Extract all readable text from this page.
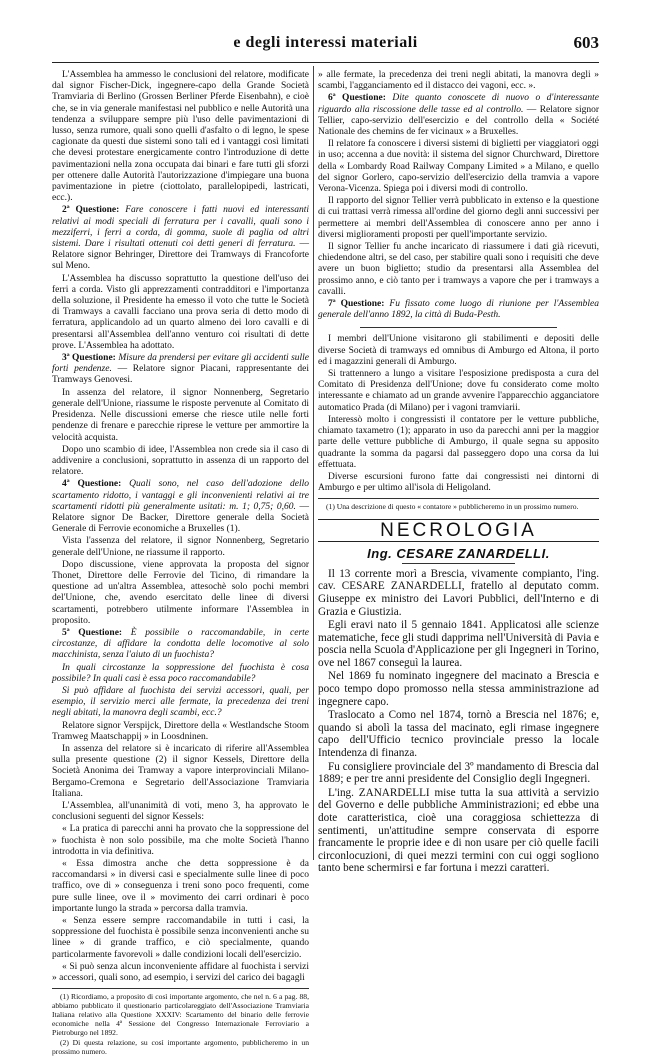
e degli interessi materiali	603

L'Assemblea ha ammesso le conclusioni del relatore, modificate dal signor Fischer-Dick, ingegnere-capo della Grande Società Tramviaria di Berlino (Grossen Berliner Pferde Eisenbahn), e cioè che, se in via generale manifestasi nel pubblico e nelle Autorità una tendenza a sviluppare sempre più l'uso delle pavimentazioni di lusso, senza rumore, quali sono quelli d'asfalto o di legno, le spese cagionate da questi due sistemi sono tali ed i vantaggi così limitati che devesi protestare energicamente contro l'introduzione di dette pavimentazioni nella zona occupata dai binari e fare tutti gli sforzi per ottenere dalle Autorità l'autorizzazione d'impiegare una buona pavimentazione in pietre (ciottolato, parallelopipedi, lastricati, ecc.).

2ª Questione: Fare conoscere i fatti nuovi ed interessanti relativi ai modi speciali di ferratura per i cavalli, quali sono i mezziferri, i ferri a corda, di gomma, suole di paglia od altri sistemi. Dare i risultati ottenuti coi detti generi di ferratura. — Relatore signor Behringer, Direttore dei Tramways di Francoforte sul Meno.

L'Assemblea ha discusso soprattutto la questione dell'uso dei ferri a corda. Visto gli apprezzamenti contradditori e l'importanza della soluzione, il Presidente ha emesso il voto che tutte le Società di Tramways a cavalli facciano una prova seria di detto modo di ferratura, applicandolo ad un quarto almeno dei loro cavalli e di presentarsi all'Assemblea dell'anno venturo coi risultati di dette prove. L'Assemblea ha adottato.

3ª Questione: Misure da prendersi per evitare gli accidenti sulle forti pendenze. — Relatore signor Piacani, rappresentante dei Tramways Genovesi.

In assenza del relatore, il signor Nonnenberg, Segretario generale dell'Unione, riassume le risposte pervenute al Comitato di Presidenza. Nelle discussioni emerse che riesce utile nelle forti pendenze di frenare e parecchie riprese le vetture per ammortire la velocità acquista.

Dopo uno scambio di idee, l'Assemblea non crede sia il caso di addivenire a conclusioni, soprattutto in assenza di un rapporto del relatore.

4ª Questione: Quali sono, nel caso dell'adozione dello scartamento ridotto, i vantaggi e gli inconvenienti relativi ai tre scartamenti ridotti più generalmente usitati: m. 1; 0,75; 0,60. — Relatore signor De Backer, Direttore generale della Società Generale di Ferrovie economiche a Bruxelles (1).

Vista l'assenza del relatore, il signor Nonnenberg, Segretario generale dell'Unione, ne riassume il rapporto.

Dopo discussione, viene approvata la proposta del signor Thonet, Direttore delle Ferrovie del Ticino, di rimandare la questione ad un'altra Assemblea, attesochè solo pochi membri del'Unione, che, avendo esercitato delle linee di diversi scartamenti, potrebbero utilmente informare l'Assemblea in proposito.

5ª Questione: È possibile o raccomandabile, in certe circostanze, di affidare la condotta delle locomotive al solo macchinista, senza l'aiuto di un fuochista?

In quali circostanze la soppressione del fuochista è cosa possibile? In quali casi è essa poco raccomandabile?

Si può affidare al fuochista dei servizi accessori, quali, per esempio, il servizio merci alle fermate, la precedenza dei treni negli abitati, la manovra degli scambi, ecc.?

Relatore signor Verspijck, Direttore della « Westlandsche Stoom Tramweg Maatschappij » in Loosdninen.

In assenza del relatore si è incaricato di riferire all'Assemblea sulla presente questione (2) il signor Kessels, Direttore della Società Anonima dei Tramway a vapore interprovinciali Milano-Bergamo-Cremona e Segretario dell'Associazione Tramviaria Italiana.

L'Assemblea, all'unanimità di voti, meno 3, ha approvato le conclusioni seguenti del signor Kessels:

« La pratica di parecchi anni ha provato che la soppressione del » fuochista è non solo possibile, ma che molte Società l'hanno introdotta in via definitiva.

« Essa dimostra anche che detta soppressione è da raccomandarsi » in diversi casi e specialmente sulle linee di poco traffico, ove di » conseguenza i treni sono poco frequenti, come pure sulle linee, ove il » movimento dei carri ordinari è poco importante lungo la strada » percorsa dalla tramvia.

« Senza essere sempre raccomandabile in tutti i casi, la soppressione del fuochista è possibile senza inconvenienti anche su linee » di grande traffico, e ciò specialmente, quando particolarmente favorevoli » dalle condizioni locali dell'esercizio.

« Si può senza alcun inconveniente affidare al fuochista i servizi » accessori, quali sono, ad esempio, i servizi del carico dei bagagli

(1) Ricordiamo, a proposito di così importante argomento, che nel n. 6 a pag. 88, abbiamo pubblicato il questionario particolareggiato dell'Associazione Tramviaria Italiana relativo alla Questione XXXIV: Scartamento del binario delle ferrovie economiche nella 4ª Sessione del Congresso Internazionale Ferroviario a Pietroburgo nel 1892.

(2) Di questa relazione, su così importante argomento, pubblicheremo in un prossimo numero.

» alle fermate, la precedenza dei treni negli abitati, la manovra degli » scambi, l'agganciamento ed il distacco dei vagoni, ecc. ».

6ª Questione: Dite quanto conoscete di nuovo o d'interessante riguardo alla riscossione delle tasse ed al controllo. — Relatore signor Tellier, capo-servizio dell'esercizio e del controllo della « Société Nationale des chemins de fer vicinaux » a Bruxelles.

Il relatore fa conoscere i diversi sistemi di biglietti per viaggiatori oggi in uso; accenna a due novità: il sistema del signor Churchward, Direttore della « Lombardy Road Railway Company Limited » a Milano, e quello del signor Gorlero, capo-servizio dell'esercizio della tramvia a vapore Verona-Vicenza. Spiega poi i diversi modi di controllo.

Il rapporto del signor Tellier verrà pubblicato in extenso e la questione di cui trattasi verrà rimessa all'ordine del giorno degli anni successivi per permettere ai membri dell'Assemblea di conoscere anno per anno i diversi miglioramenti proposti per quell'importante servizio.

Il signor Tellier fu anche incaricato di riassumere i dati già ricevuti, chiedendone altri, se del caso, per stabilire quali sono i requisiti che deve avere un buon biglietto; studio da presentarsi alla Assemblea del prossimo anno, e ciò tanto per i tramways a vapore che per i tramways a cavalli.

7ª Questione: Fu fissato come luogo di riunione per l'Assemblea generale dell'anno 1892, la città di Buda-Pesth.

I membri dell'Unione visitarono gli stabilimenti e depositi delle diverse Società di tramways ed omnibus di Amburgo ed Altona, il porto ed i magazzini generali di Amburgo.

Si trattennero a lungo a visitare l'esposizione predisposta a cura del Comitato di Presidenza dell'Unione; dove fu considerato come molto interessante e chiamato ad un grande avvenire l'apparecchio agganciatore automatico Prada (di Milano) per i vagoni tramviarii.

Interessò molto i congressisti il contatore per le vetture pubbliche, chiamato taxametro (1); apparato in uso da parecchi anni per la maggior parte delle vetture pubbliche di Amburgo, il quale segna su apposito quadrante la somma da pagarsi dal passeggero dopo una corsa da lui effettuata.

Diverse escursioni furono fatte dai congressisti nei dintorni di Amburgo e per ultimo all'isola di Heligoland.

(1) Una descrizione di questo « contatore » pubblicheremo in un prossimo numero.

NECROLOGIA
Ing. CESARE ZANARDELLI.

Il 13 corrente morì a Brescia, vivamente compianto, l'ing. cav. CESARE ZANARDELLI, fratello al deputato comm. Giuseppe ex ministro dei Lavori Pubblici, dell'Interno e di Grazia e Giustizia.

Egli eravi nato il 5 gennaio 1841. Applicatosi alle scienze matematiche, fece gli studi dapprima nell'Università di Pavia e poscia nella Scuola d'Applicazione per gli Ingegneri in Torino, ove nel 1867 conseguì la laurea.

Nel 1869 fu nominato ingegnere del macinato a Brescia e poco tempo dopo promosso nella stessa amministrazione ad ingegnere capo.

Traslocato a Como nel 1874, tornò a Brescia nel 1876; e, quando si abolì la tassa del macinato, egli rimase ingegnere capo dell'Ufficio tecnico provinciale presso la locale Intendenza di finanza.

Fu consigliere provinciale del 3º mandamento di Brescia dal 1889; e per tre anni presidente del Consiglio degli Ingegneri.

L'ing. ZANARDELLI mise tutta la sua attività a servizio del Governo e delle pubbliche Amministrazioni; ed ebbe una dote caratteristica, cioè una coraggiosa schiettezza di sentimenti, un'attitudine sempre conservata di esporre francamente le proprie idee e di non usare per ciò quelle facili circonlocuzioni, di quei mezzi termini con cui oggi sogliono tanto bene schermirsi e far fortuna i mezzi caratteri.
